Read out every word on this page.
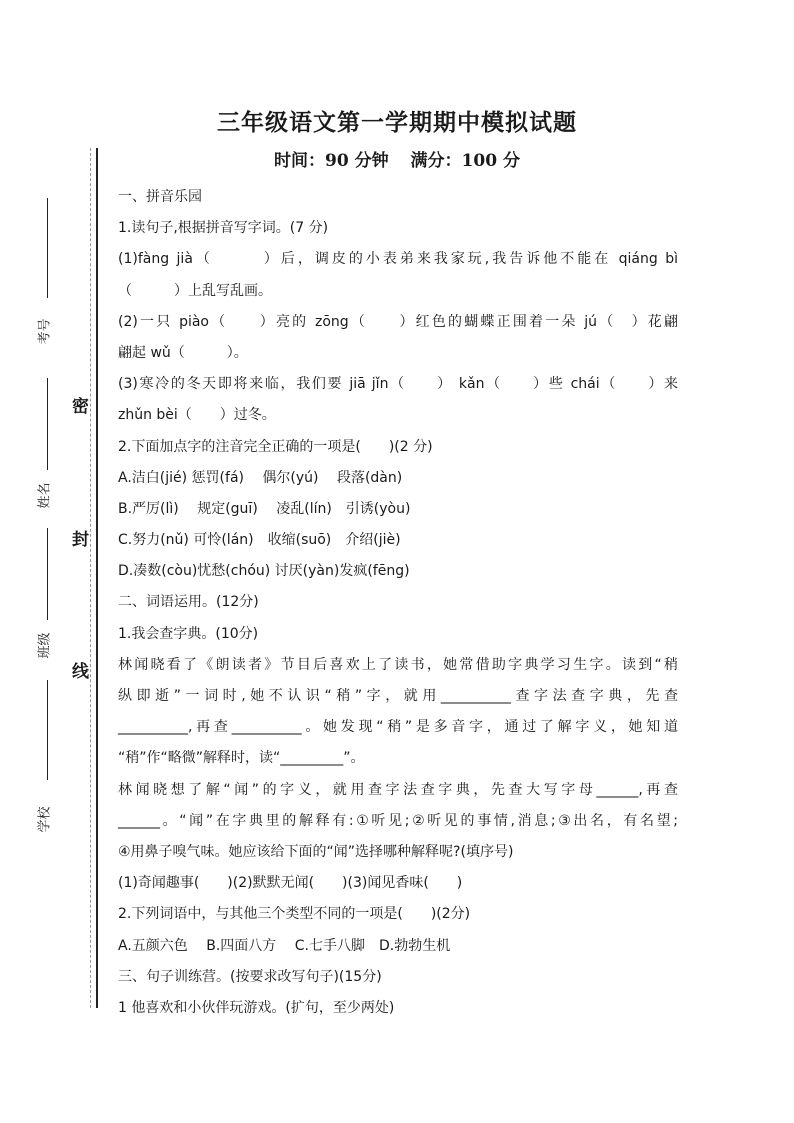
三年级语文第一学期期中模拟试题
时间：90 分钟 满分：100 分
密
封
线
考号
姓名
班级
学校
一、拼音乐园
1.读句子,根据拼音写字词。(7 分)
(1)fàng jià（　　　）后，调皮的小表弟来我家玩,我告诉他不能在 qiáng bì
（　　　）上乱写乱画。
(2)一只 piào（　　）亮的 zōng（　　）红色的蝴蝶正围着一朵 jú（　）花翩
翩起 wǔ（　　　）。
(3)寒冷的冬天即将来临，我们要 jiā jǐn（　　） kǎn（　　）些 chái（　　）来
zhǔn bèi（　　）过冬。
2.下面加点字的注音完全正确的一项是(　　)(2 分)
A.洁白(jié) 惩罚(fá)　 偶尔(yú)　 段落(dàn)
B.严厉(lì)　 规定(guī)　 凌乱(lín)　引诱(yòu)
C.努力(nǔ) 可怜(lán)　收缩(suō)　介绍(jiè)
D.凑数(còu)忧愁(chóu) 讨厌(yàn)发疯(fēng)
二、词语运用。(12分)
1.我会查字典。(10分)
林闻晓看了《朗读者》节目后喜欢上了读书，她常借助字典学习生字。读到“稍
纵即逝”一词时,她不认识“稍”字，就用__________查字法查字典，先查
__________,再查__________。她发现“稍”是多音字，通过了解字义，她知道
“稍”作“略微”解释时，读“_________”。
林闻晓想了解“闻”的字义，就用查字法查字典，先查大写字母______,再查
______。“闻”在字典里的解释有:①听见;②听见的事情,消息;③出名，有名望;
④用鼻子嗅气味。她应该给下面的“闻”选择哪种解释呢?(填序号)
(1)奇闻趣事(　　)(2)默默无闻(　　)(3)闻见香味(　　)
2.下列词语中，与其他三个类型不同的一项是(　　)(2分)
A.五颜六色　 B.四面八方　 C.七手八脚　D.勃勃生机
三、句子训练营。(按要求改写句子)(15分)
1 他喜欢和小伙伴玩游戏。(扩句，至少两处)
